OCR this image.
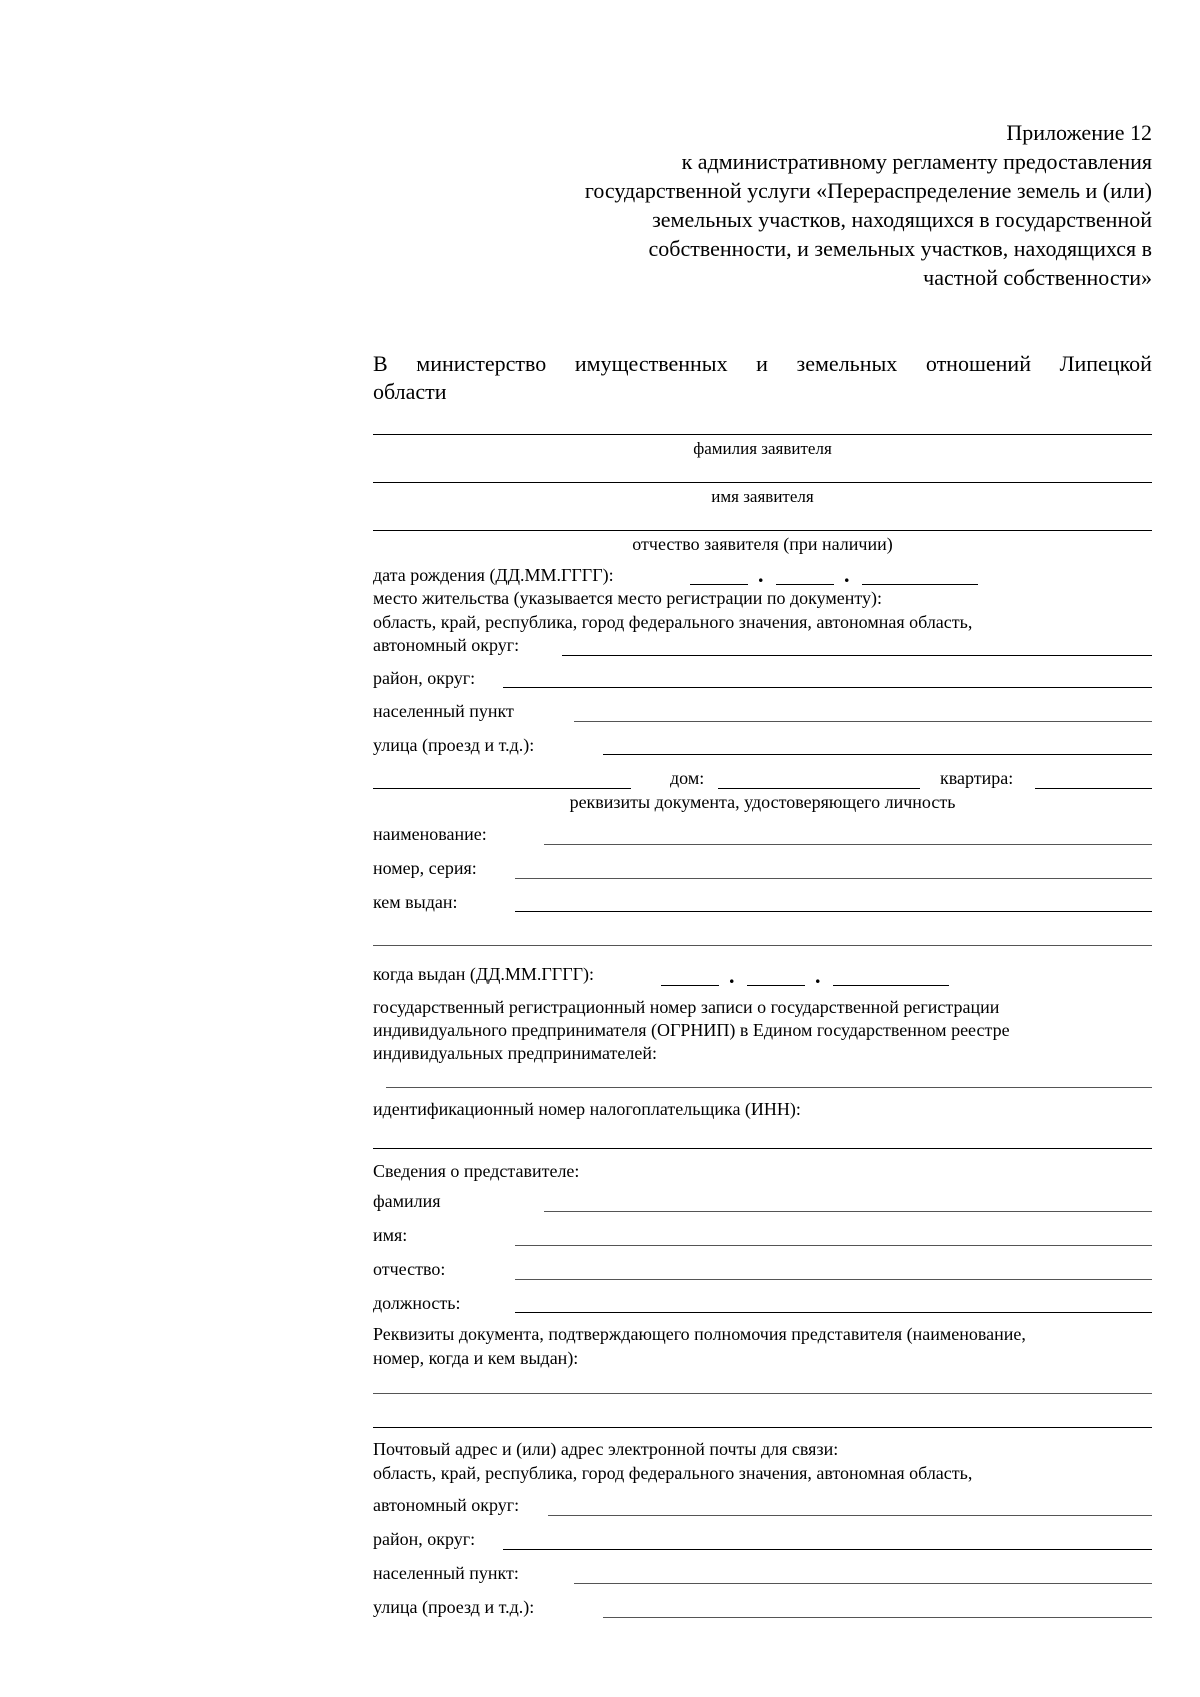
Приложение 12
к административному регламенту предоставления
государственной услуги «Перераспределение земель и (или)
земельных участков, находящихся в государственной
собственности, и земельных участков, находящихся в
частной собственности»
В министерство имущественных и земельных отношений Липецкой
области
фамилия заявителя
имя заявителя
отчество заявителя (при наличии)
дата рождения (ДД.ММ.ГГГГ):	.	.
место жительства (указывается место регистрации по документу):
область, край, республика, город федерального значения, автономная область,
автономный округ:
район, округ:
населенный пункт
улица (проезд и т.д.):
дом:	квартира:
реквизиты документа, удостоверяющего личность
наименование:
номер, серия:
кем выдан:
когда выдан (ДД.ММ.ГГГГ):	.	.
государственный регистрационный номер записи о государственной регистрации
индивидуального предпринимателя (ОГРНИП) в Едином государственном реестре
индивидуальных предпринимателей:
идентификационный номер налогоплательщика (ИНН):
Сведения о представителе:
фамилия
имя:
отчество:
должность:
Реквизиты документа, подтверждающего полномочия представителя (наименование,
номер, когда и кем выдан):
Почтовый адрес и (или) адрес электронной почты для связи:
область, край, республика, город федерального значения, автономная область,
автономный округ:
район, округ:
населенный пункт:
улица (проезд и т.д.):
